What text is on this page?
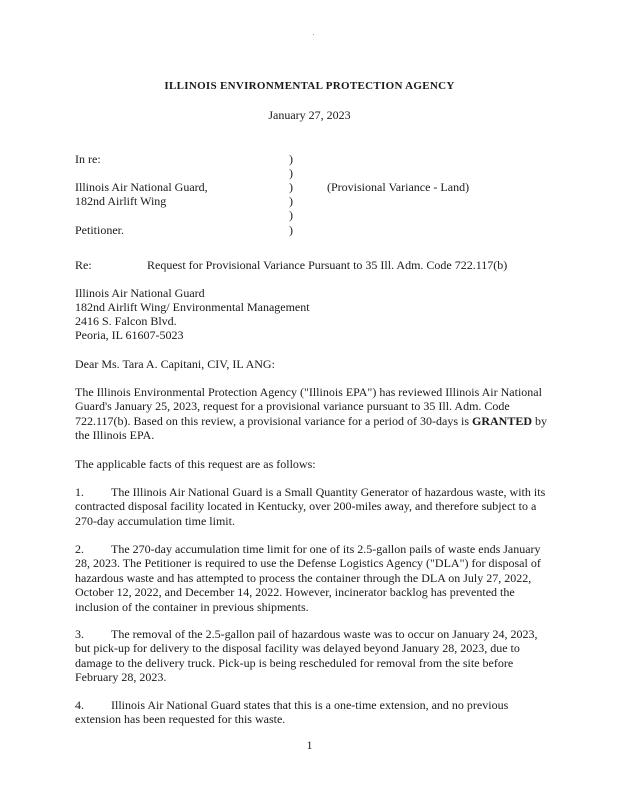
ILLINOIS ENVIRONMENTAL PROTECTION AGENCY
January 27, 2023
In re:
Illinois Air National Guard,
182nd Airlift Wing
Petitioner.
)
)
)
)
)
)
(Provisional Variance - Land)
Re:	Request for Provisional Variance Pursuant to 35 Ill. Adm. Code 722.117(b)
Illinois Air National Guard
182nd Airlift Wing/ Environmental Management
2416 S. Falcon Blvd.
Peoria, IL 61607-5023
Dear Ms. Tara A. Capitani, CIV, IL ANG:
The Illinois Environmental Protection Agency ("Illinois EPA") has reviewed Illinois Air National Guard's January 25, 2023, request for a provisional variance pursuant to 35 Ill. Adm. Code 722.117(b). Based on this review, a provisional variance for a period of 30-days is GRANTED by the Illinois EPA.
The applicable facts of this request are as follows:
1. The Illinois Air National Guard is a Small Quantity Generator of hazardous waste, with its contracted disposal facility located in Kentucky, over 200-miles away, and therefore subject to a 270-day accumulation time limit.
2. The 270-day accumulation time limit for one of its 2.5-gallon pails of waste ends January 28, 2023. The Petitioner is required to use the Defense Logistics Agency ("DLA") for disposal of hazardous waste and has attempted to process the container through the DLA on July 27, 2022, October 12, 2022, and December 14, 2022. However, incinerator backlog has prevented the inclusion of the container in previous shipments.
3. The removal of the 2.5-gallon pail of hazardous waste was to occur on January 24, 2023, but pick-up for delivery to the disposal facility was delayed beyond January 28, 2023, due to damage to the delivery truck. Pick-up is being rescheduled for removal from the site before February 28, 2023.
4. Illinois Air National Guard states that this is a one-time extension, and no previous extension has been requested for this waste.
1
